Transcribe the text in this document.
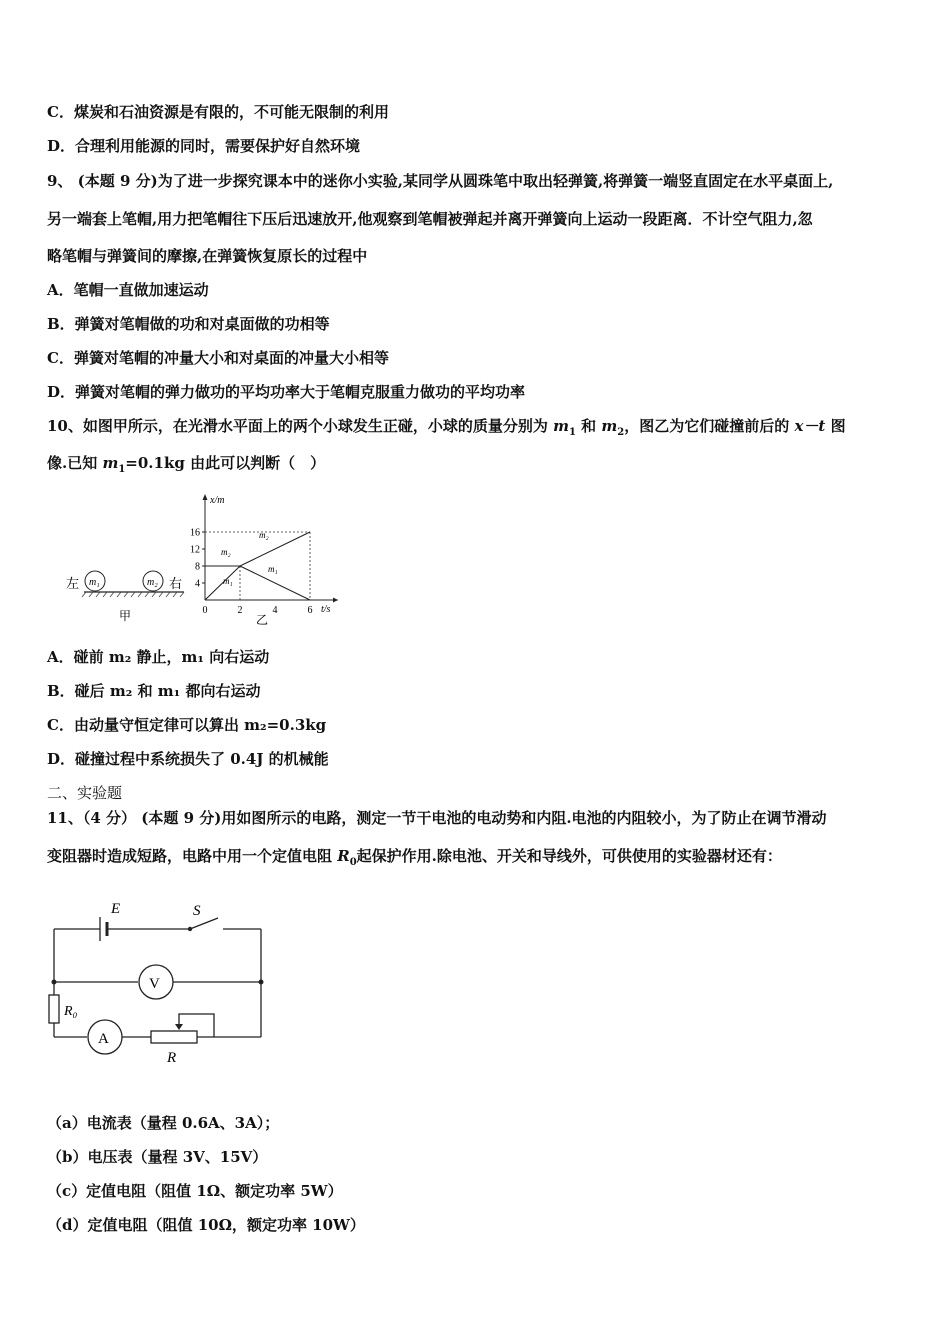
C．煤炭和石油资源是有限的，不可能无限制的利用
D．合理利用能源的同时，需要保护好自然环境
9、 (本题 9 分)为了进一步探究课本中的迷你小实验,某同学从圆珠笔中取出轻弹簧,将弹簧一端竖直固定在水平桌面上,
另一端套上笔帽,用力把笔帽往下压后迅速放开,他观察到笔帽被弹起并离开弹簧向上运动一段距离．不计空气阻力,忽
略笔帽与弹簧间的摩擦,在弹簧恢复原长的过程中
A．笔帽一直做加速运动
B．弹簧对笔帽做的功和对桌面做的功相等
C．弹簧对笔帽的冲量大小和对桌面的冲量大小相等
D．弹簧对笔帽的弹力做功的平均功率大于笔帽克服重力做功的平均功率
10、如图甲所示，在光滑水平面上的两个小球发生正碰，小球的质量分别为 $m_1$ 和 $m_2$，图乙为它们碰撞前后的 x－t 图
像.已知 $m_1=0.1kg$ 由此可以判断（　）
左 m₁	m₂ 右
甲
x/m
t/s
16
12
8
4
0	2	4	6
m₂
m₂
m₁
m₁
乙
A．碰前 m₂ 静止，m₁ 向右运动
B．碰后 m₂ 和 m₁ 都向右运动
C．由动量守恒定律可以算出 m₂=0.3kg
D．碰撞过程中系统损失了 0.4J 的机械能
二、实验题
11、（4 分） (本题 9 分)用如图所示的电路，测定一节干电池的电动势和内阻.电池的内阻较小，为了防止在调节滑动
变阻器时造成短路，电路中用一个定值电阻 $R_0$起保护作用.除电池、开关和导线外，可供使用的实验器材还有：
E	S
V
R₀
A
R
（a）电流表（量程 0.6A、3A）；
（b）电压表（量程 3V、15V）
（c）定值电阻（阻值 1Ω、额定功率 5W）
（d）定值电阻（阻值 10Ω，额定功率 10W）
